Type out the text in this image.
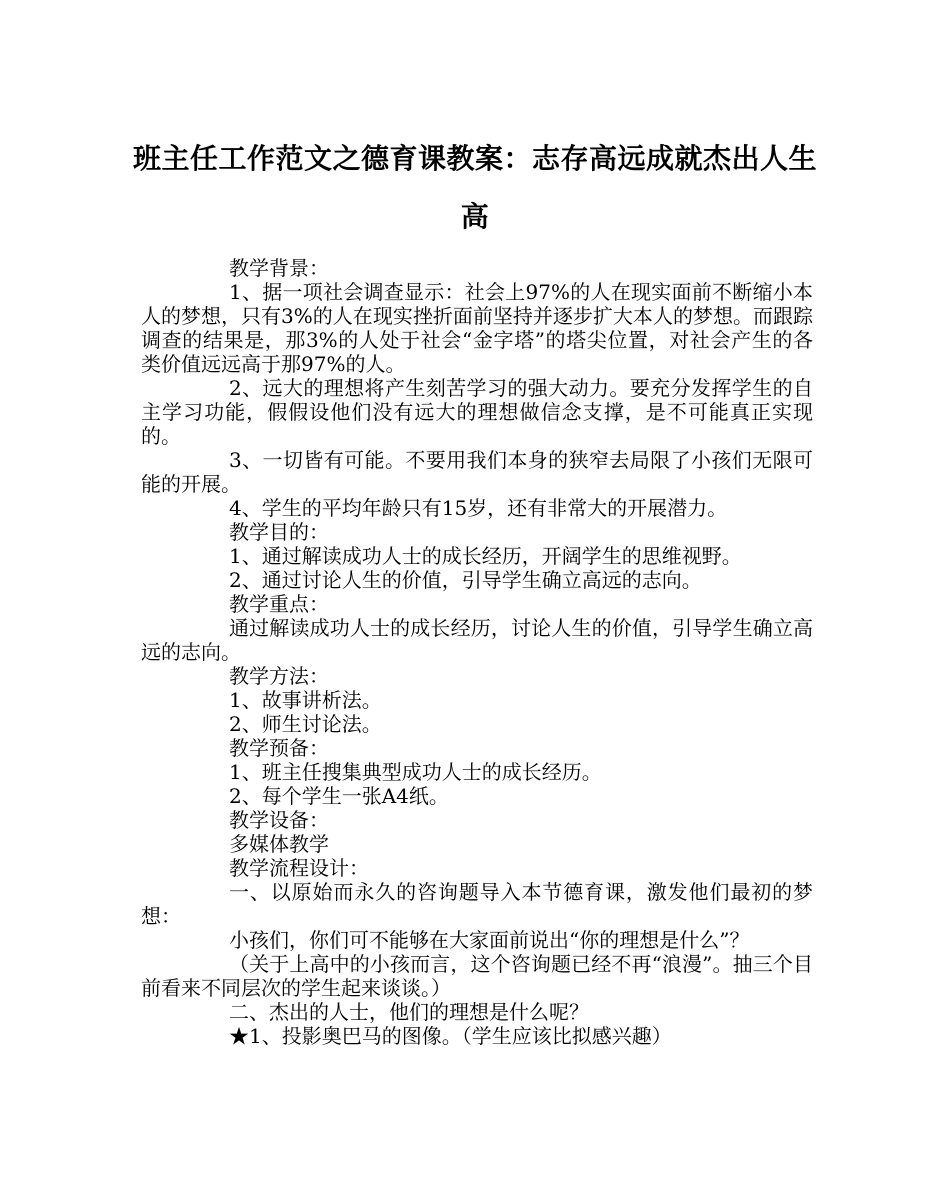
班主任工作范文之德育课教案：志存高远成就杰出人生高

教学背景：

1、据一项社会调查显示：社会上97%的人在现实面前不断缩小本人的梦想，只有3%的人在现实挫折面前坚持并逐步扩大本人的梦想。而跟踪调查的结果是，那3%的人处于社会“金字塔”的塔尖位置，对社会产生的各类价值远远高于那97%的人。

2、远大的理想将产生刻苦学习的强大动力。要充分发挥学生的自主学习功能，假假设他们没有远大的理想做信念支撑，是不可能真正实现的。

3、一切皆有可能。不要用我们本身的狭窄去局限了小孩们无限可能的开展。

4、学生的平均年龄只有15岁，还有非常大的开展潜力。

教学目的：

1、通过解读成功人士的成长经历，开阔学生的思维视野。

2、通过讨论人生的价值，引导学生确立高远的志向。

教学重点：

通过解读成功人士的成长经历，讨论人生的价值，引导学生确立高远的志向。

教学方法：

1、故事讲析法。

2、师生讨论法。

教学预备：

1、班主任搜集典型成功人士的成长经历。

2、每个学生一张A4纸。

教学设备：

多媒体教学

教学流程设计：

一、以原始而永久的咨询题导入本节德育课，激发他们最初的梦想：

小孩们，你们可不能够在大家面前说出“你的理想是什么”？

（关于上高中的小孩而言，这个咨询题已经不再“浪漫”。抽三个目前看来不同层次的学生起来谈谈。）

二、杰出的人士，他们的理想是什么呢？

★1、投影奥巴马的图像。（学生应该比拟感兴趣）
